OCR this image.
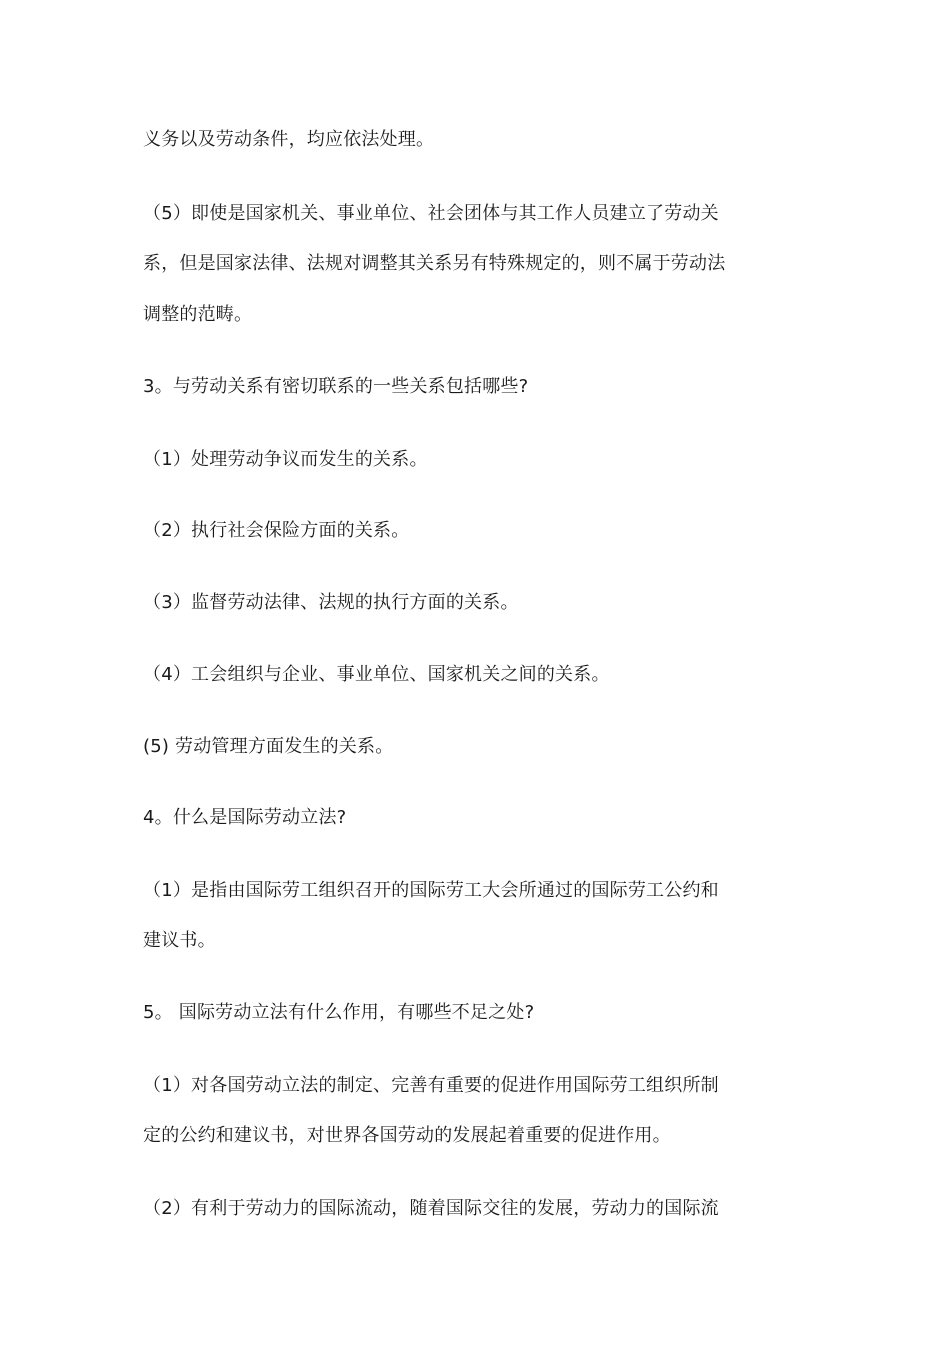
义务以及劳动条件，均应依法处理。
（5）即使是国家机关、事业单位、社会团体与其工作人员建立了劳动关
系，但是国家法律、法规对调整其关系另有特殊规定的，则不属于劳动法
调整的范畴。
3。与劳动关系有密切联系的一些关系包括哪些?
（1）处理劳动争议而发生的关系。
（2）执行社会保险方面的关系。
（3）监督劳动法律、法规的执行方面的关系。
（4）工会组织与企业、事业单位、国家机关之间的关系。
(5) 劳动管理方面发生的关系。
4。什么是国际劳动立法?
（1）是指由国际劳工组织召开的国际劳工大会所通过的国际劳工公约和
建议书。
5。 国际劳动立法有什么作用，有哪些不足之处?
（1）对各国劳动立法的制定、完善有重要的促进作用国际劳工组织所制
定的公约和建议书，对世界各国劳动的发展起着重要的促进作用。
（2）有利于劳动力的国际流动，随着国际交往的发展，劳动力的国际流
